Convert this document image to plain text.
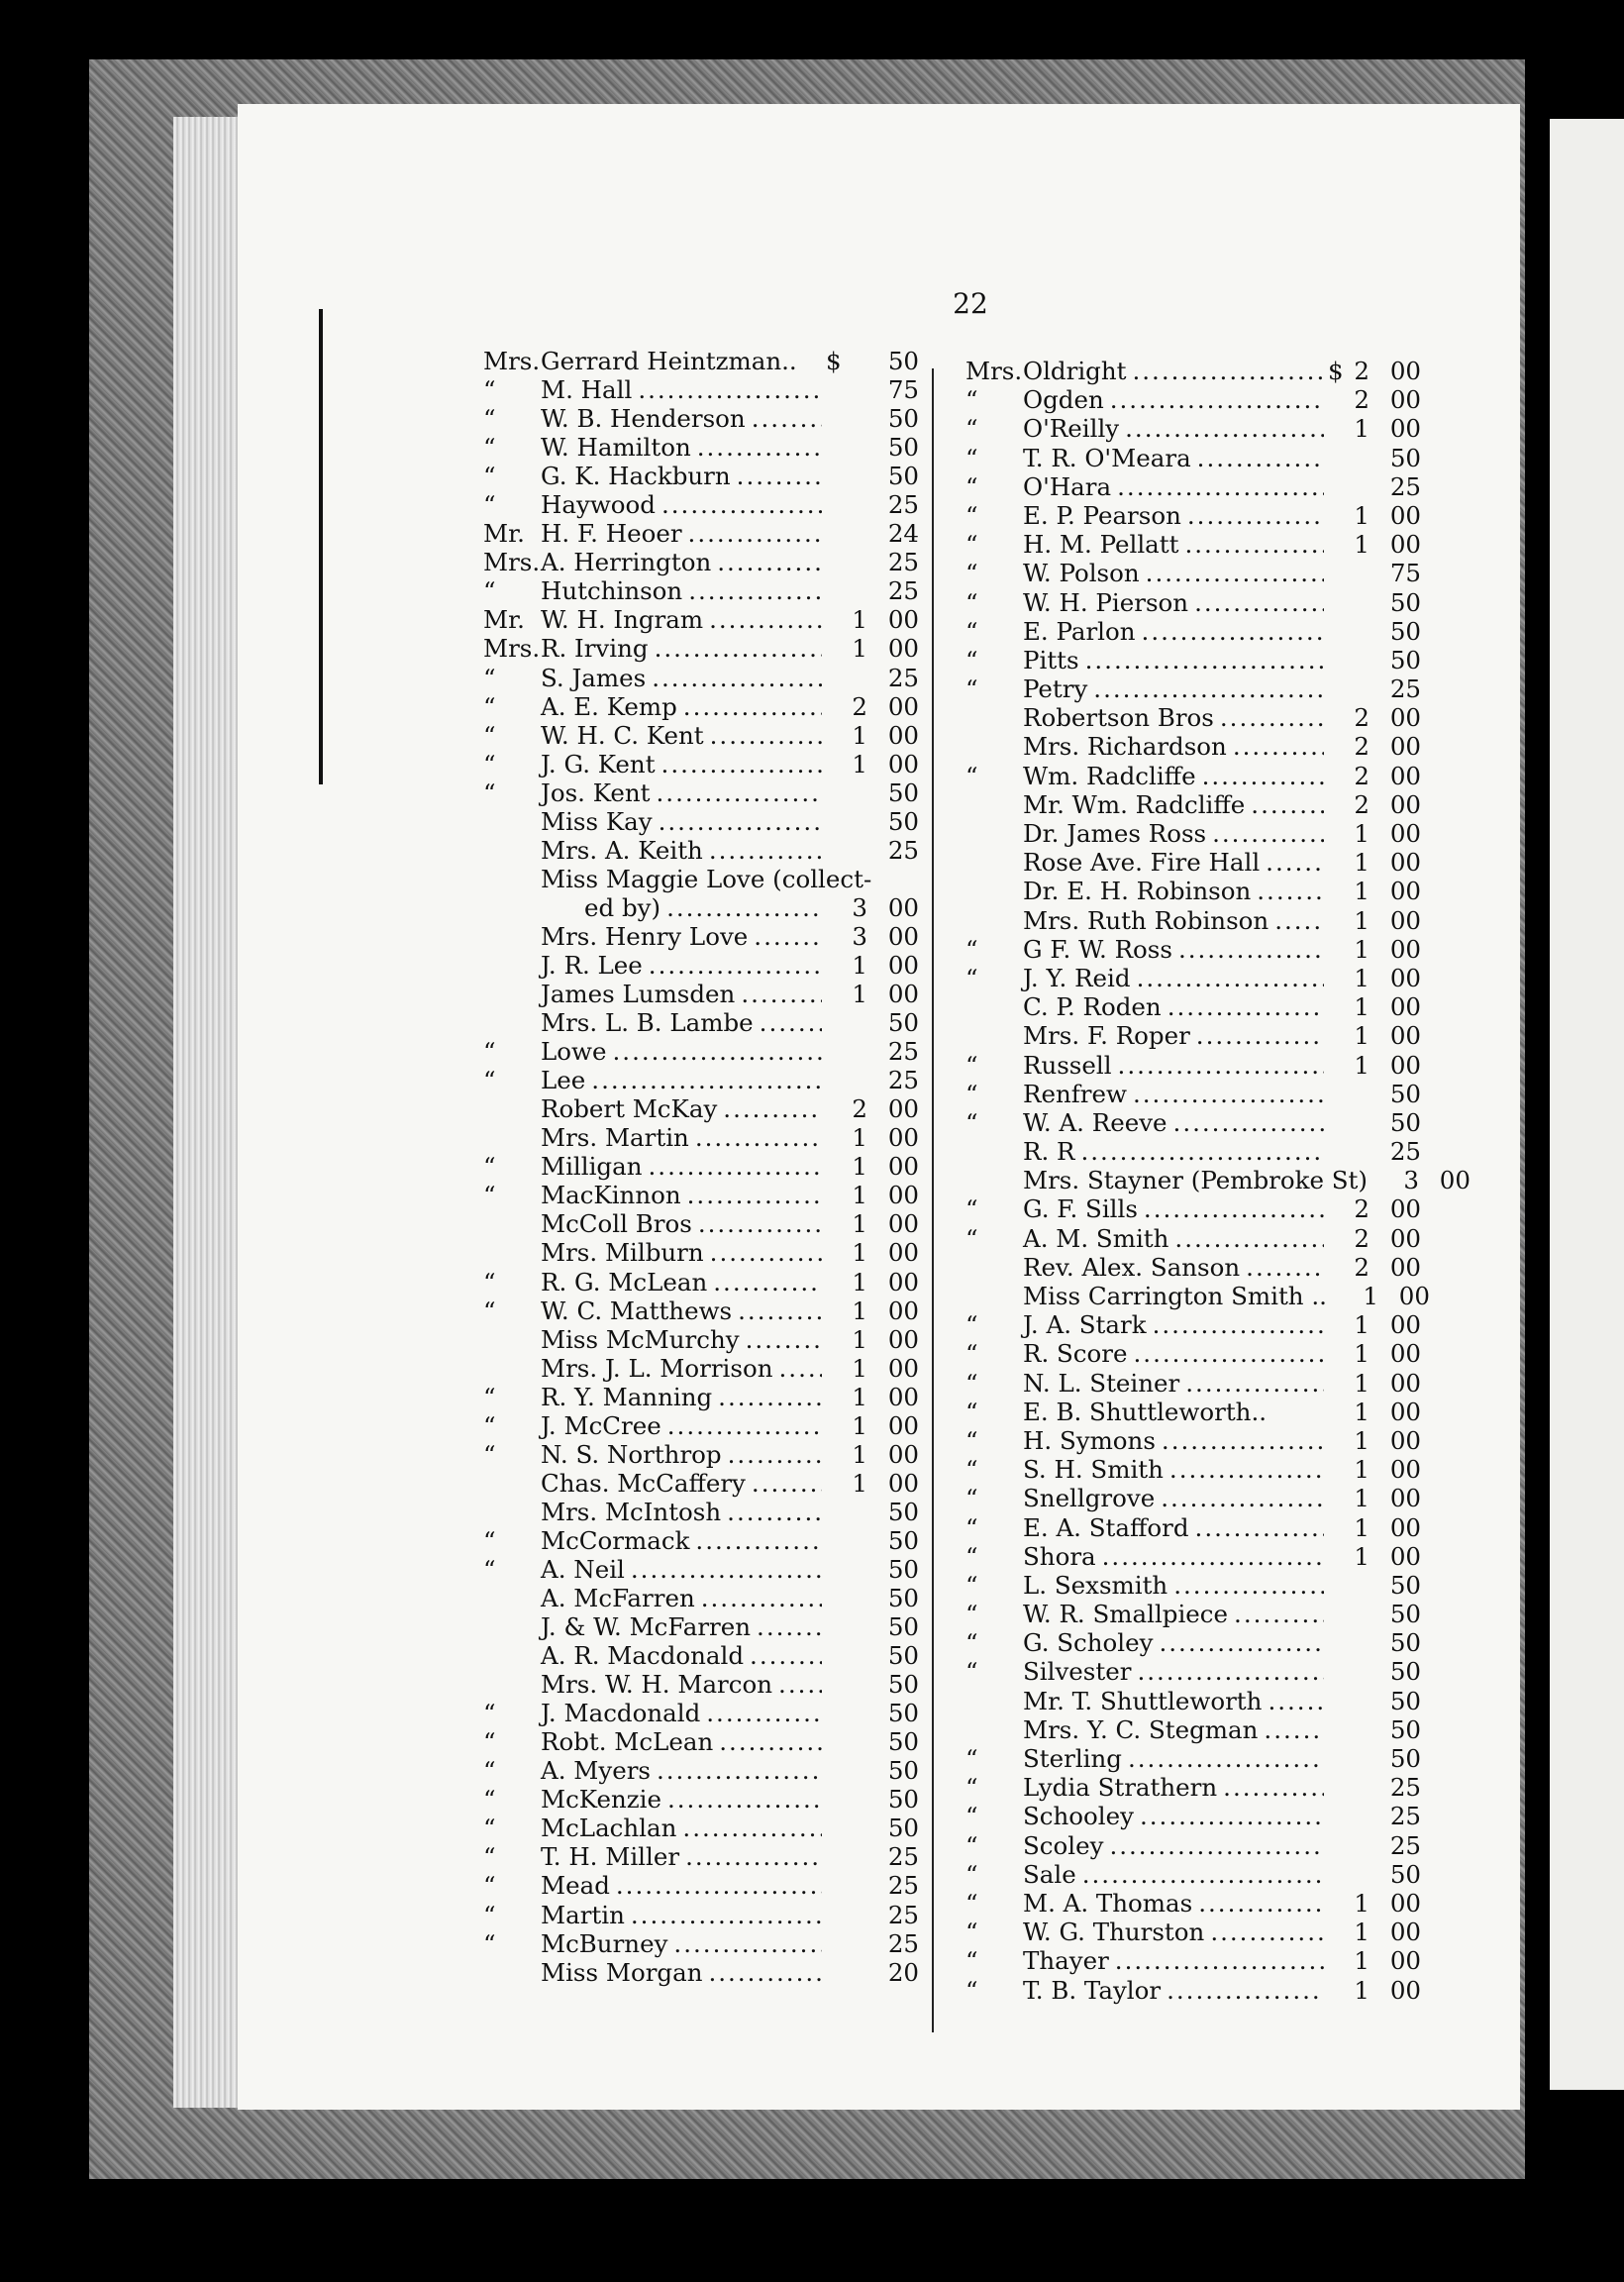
22
Mrs. Gerrard Heintzman.. $	50
“	M. Hall .....	75
“	W. B. Henderson .....	50
“	W. Hamilton .....	50
“	G. K. Hackburn .....	50
“	Haywood .....	25
Mr. H. F. Heoer .....	24
Mrs. A. Herrington .....	25
“	Hutchinson .....	25
Mr. W. H. Ingram .....	1 00
Mrs. R. Irving .....	1 00
“	S. James .....	25
“	A. E. Kemp .....	2 00
“	W. H. C. Kent .....	1 00
“	J. G. Kent .....	1 00
“	Jos. Kent .....	50
Miss Kay .....	50
Mrs. A. Keith .....	25
Miss Maggie Love (collect-
ed by) .....	3 00
Mrs. Henry Love .....	3 00
J. R. Lee .....	1 00
James Lumsden .....	1 00
Mrs. L. B. Lambe .....	50
“	Lowe .....	25
“	Lee .....	25
Robert McKay .....	2 00
Mrs. Martin .....	1 00
“	Milligan .....	1 00
“	MacKinnon .....	1 00
McColl Bros .....	1 00
Mrs. Milburn .....	1 00
“	R. G. McLean .....	1 00
“	W. C. Matthews .....	1 00
Miss McMurchy .....	1 00
Mrs. J. L. Morrison .....	1 00
“	R. Y. Manning .....	1 00
“	J. McCree .....	1 00
“	N. S. Northrop .....	1 00
Chas. McCaffery .....	1 00
Mrs. McIntosh .....	50
“	McCormack .....	50
“	A. Neil .....	50
A. McFarren .....	50
J. & W. McFarren .....	50
A. R. Macdonald .....	50
Mrs. W. H. Marcon .....	50
“	J. Macdonald .....	50
“	Robt. McLean .....	50
“	A. Myers .....	50
“	McKenzie .....	50
“	McLachlan .....	50
“	T. H. Miller .....	25
“	Mead .....	25
“	Martin .....	25
“	McBurney .....	25
Miss Morgan .....	20
Mrs. Oldright .....	$ 2 00
“	Ogden .....	2 00
“	O'Reilly .....	1 00
“	T. R. O'Meara .....	50
“	O'Hara .....	25
“	E. P. Pearson .....	1 00
“	H. M. Pellatt .....	1 00
“	W. Polson .....	75
“	W. H. Pierson .....	50
“	E. Parlon .....	50
“	Pitts .....	50
“	Petry .....	25
Robertson Bros .....	2 00
Mrs. Richardson .....	2 00
“	Wm. Radcliffe .....	2 00
Mr. Wm. Radcliffe .....	2 00
Dr. James Ross .....	1 00
Rose Ave. Fire Hall .....	1 00
Dr. E. H. Robinson .....	1 00
Mrs. Ruth Robinson .....	1 00
“	G F. W. Ross .....	1 00
“	J. Y. Reid .....	1 00
C. P. Roden .....	1 00
Mrs. F. Roper .....	1 00
“	Russell .....	1 00
“	Renfrew .....	50
“	W. A. Reeve .....	50
R. R .....	25
Mrs. Stayner (Pembroke St)	3 00
“	G. F. Sills .....	2 00
“	A. M. Smith .....	2 00
Rev. Alex. Sanson .....	2 00
Miss Carrington Smith ..	1 00
“	J. A. Stark .....	1 00
“	R. Score .....	1 00
“	N. L. Steiner .....	1 00
“	E. B. Shuttleworth..	1 00
“	H. Symons .....	1 00
“	S. H. Smith .....	1 00
“	Snellgrove .....	1 00
“	E. A. Stafford .....	1 00
“	Shora .....	1 00
“	L. Sexsmith .....	50
“	W. R. Smallpiece .....	50
“	G. Scholey .....	50
“	Silvester .....	50
Mr. T. Shuttleworth .....	50
Mrs. Y. C. Stegman .....	50
“	Sterling .....	50
“	Lydia Strathern .....	25
“	Schooley .....	25
“	Scoley .....	25
“	Sale .....	50
“	M. A. Thomas .....	1 00
“	W. G. Thurston .....	1 00
“	Thayer .....	1 00
“	T. B. Taylor .....	1 00
